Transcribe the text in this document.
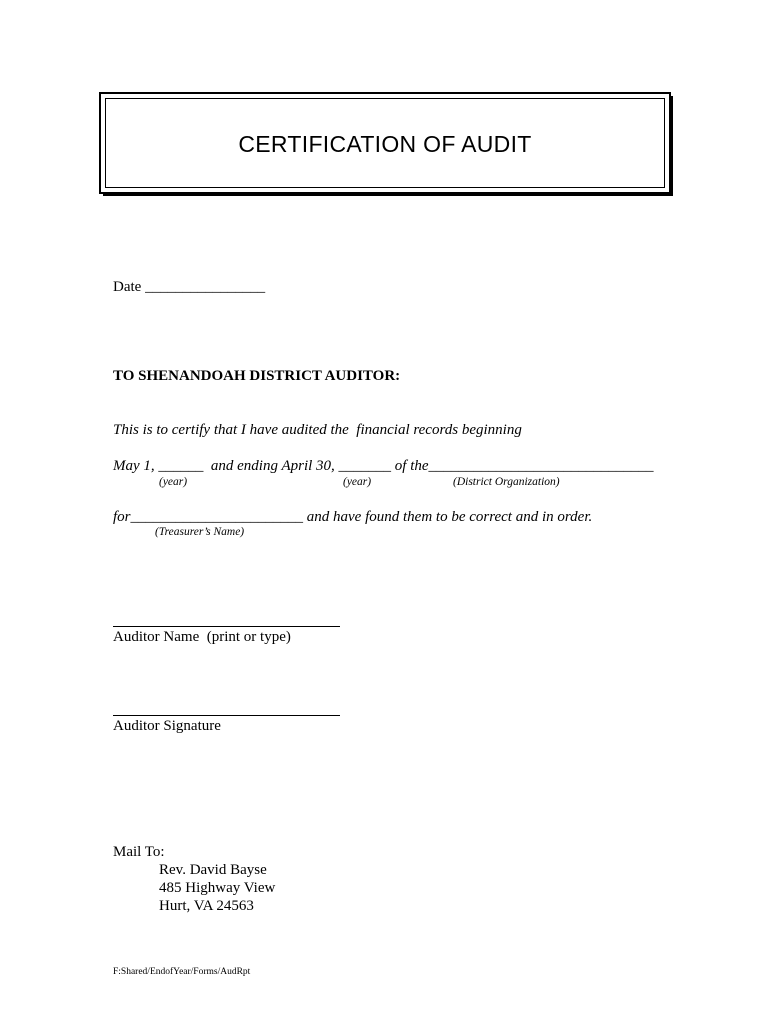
CERTIFICATION OF AUDIT
Date ________________
TO SHENANDOAH DISTRICT AUDITOR:
This is to certify that I have audited the  financial records beginning
May 1, ______  and ending April 30, _______ of the______________________________
(year)	(year)	(District Organization)
for_______________________ and have found them to be correct and in order.
(Treasurer’s Name)
Auditor Name  (print or type)
Auditor Signature
Mail To:
Rev. David Bayse
485 Highway View
Hurt, VA 24563
F:Shared/EndofYear/Forms/AudRpt
